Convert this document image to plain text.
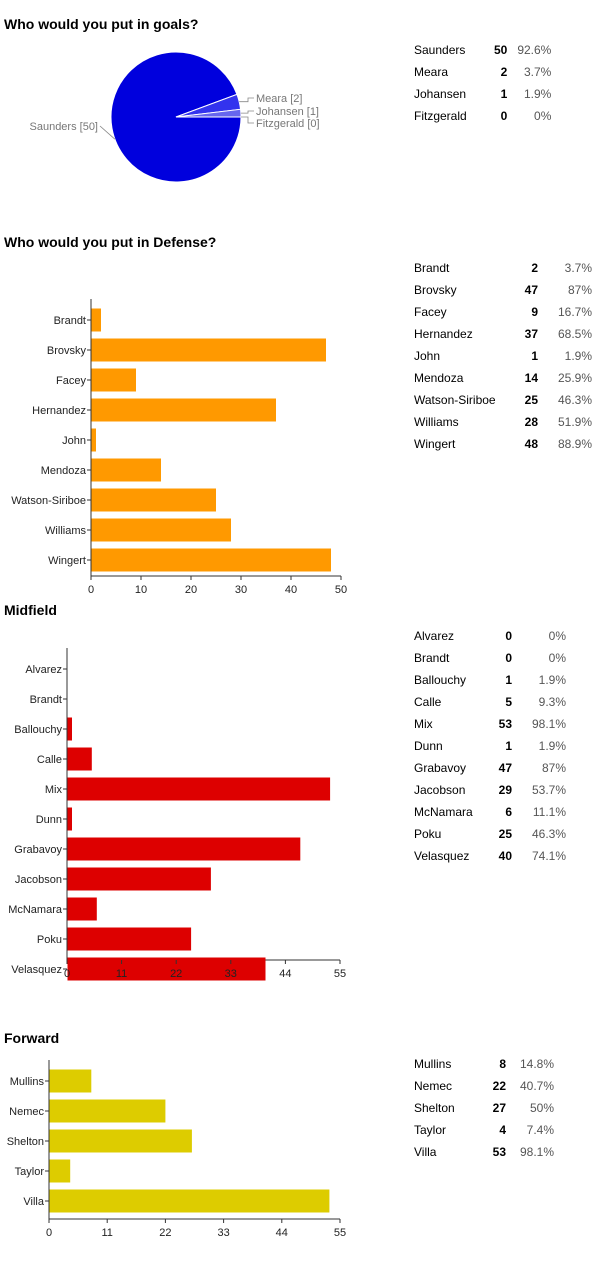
Who would you put in goals?
Saunders [50]
Meara [2]
Johansen [1]
Fitzgerald [0]
Saunders	50	92.6%
Meara	2	3.7%
Johansen	1	1.9%
Fitzgerald	0	0%
Who would you put in Defense?
Brandt
Brovsky
Facey
Hernandez
John
Mendoza
Watson-Siriboe
Williams
Wingert
0	10	20	30	40	50
Brandt	2	3.7%
Brovsky	47	87%
Facey	9	16.7%
Hernandez	37	68.5%
John	1	1.9%
Mendoza	14	25.9%
Watson-Siriboe	25	46.3%
Williams	28	51.9%
Wingert	48	88.9%
Midfield
Alvarez
Brandt
Ballouchy
Calle
Mix
Dunn
Grabavoy
Jacobson
McNamara
Poku
Velasquez 0	11	22	33	44	55
Alvarez	0	0%
Brandt	0	0%
Ballouchy	1	1.9%
Calle	5	9.3%
Mix	53	98.1%
Dunn	1	1.9%
Grabavoy	47	87%
Jacobson	29	53.7%
McNamara	6	11.1%
Poku	25	46.3%
Velasquez	40	74.1%
Forward
Mullins
Nemec
Shelton
Taylor
Villa
0	11	22	33	44	55
Mullins	8	14.8%
Nemec	22	40.7%
Shelton	27	50%
Taylor	4	7.4%
Villa	53	98.1%
